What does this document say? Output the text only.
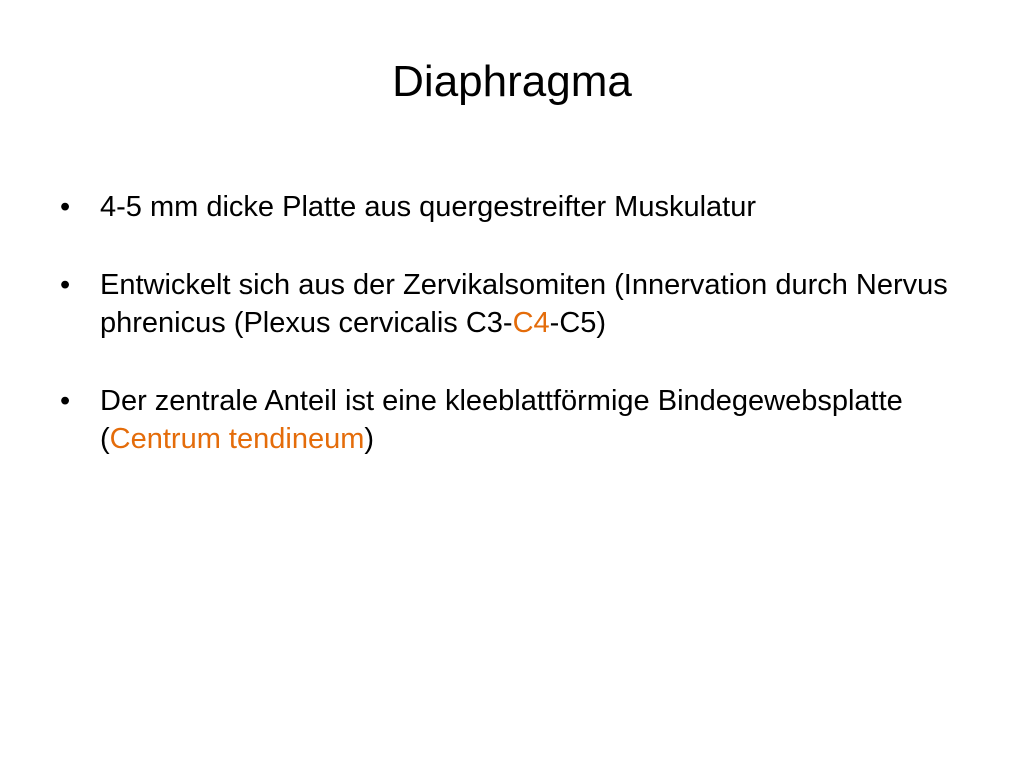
Diaphragma
•	4-5 mm dicke Platte aus quergestreifter Muskulatur
•	Entwickelt sich aus der Zervikalsomiten (Innervation durch Nervus phrenicus (Plexus cervicalis C3-C4-C5)
•	Der zentrale Anteil ist eine kleeblattförmige Bindegewebsplatte (Centrum tendineum)
